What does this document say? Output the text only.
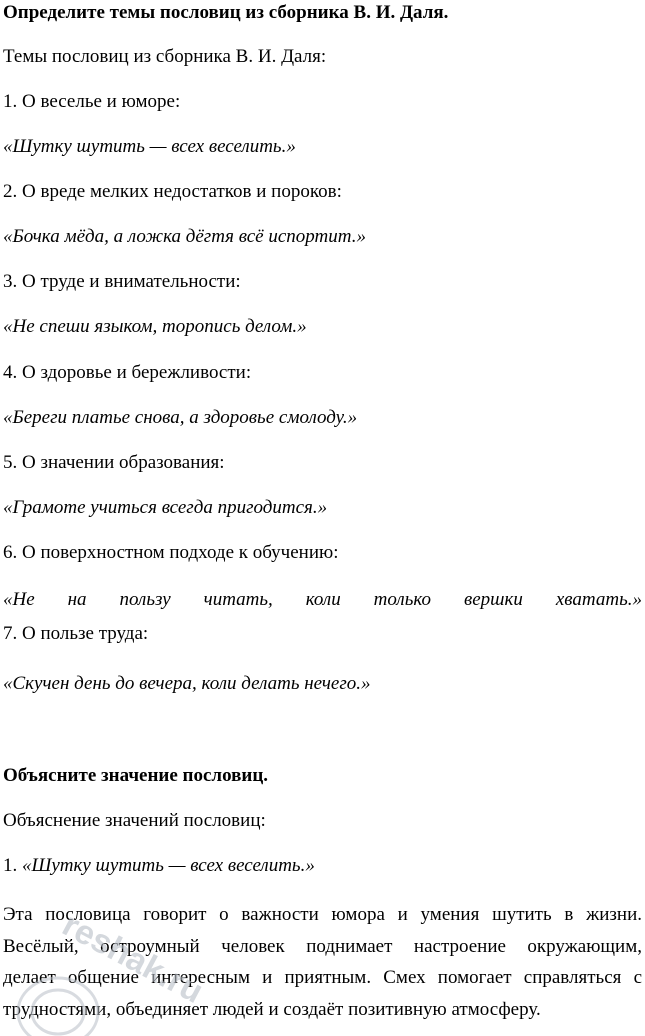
Определите темы пословиц из сборника В. И. Даля.
Темы пословиц из сборника В. И. Даля:
1. О веселье и юморе:
«Шутку шутить — всех веселить.»
2. О вреде мелких недостатков и пороков:
«Бочка мёда, а ложка дёгтя всё испортит.»
3. О труде и внимательности:
«Не спеши языком, торопись делом.»
4. О здоровье и бережливости:
«Береги платье снова, а здоровье смолоду.»
5. О значении образования:
«Грамоте учиться всегда пригодится.»
6. О поверхностном подходе к обучению:
«Не на пользу читать, коли только вершки хватать.»
7. О пользе труда:
«Скучен день до вечера, коли делать нечего.»
Объясните значение пословиц.
Объяснение значений пословиц:
1. «Шутку шутить — всех веселить.»
Эта пословица говорит о важности юмора и умения шутить в жизни.
Весёлый, остроумный человек поднимает настроение окружающим,
делает общение интересным и приятным. Смех помогает справляться с
трудностями, объединяет людей и создаёт позитивную атмосферу.
reshak.ru
